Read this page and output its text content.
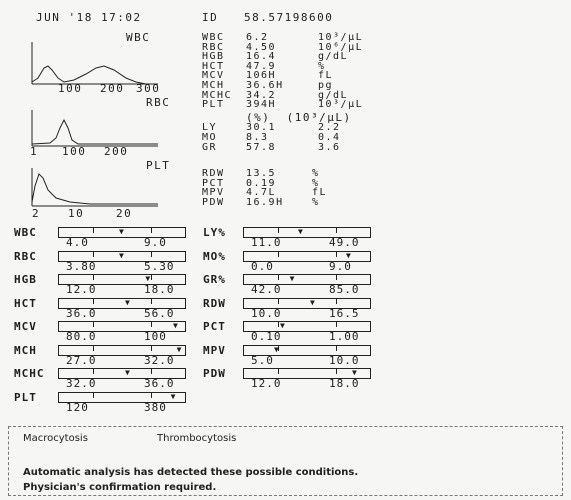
JUN '18 17:02	ID 58.57198600
WBC
100 200 300
RBC
1 100 200
PLT
2	10	20
WBC 6.2	10³/µL
RBC 4.50	10⁶/µL
HGB 16.4	g/dL
HCT 47.9	%
MCV 106H	fL
MCH 36.6H	pg
MCHC 34.2	g/dL
PLT 394H	10³/µL
(%)  (10³/µL)
LY	30.1	2.2
MO	8.3	0.4
GR	57.8	3.6
RDW 13.5	%
PCT 0.19	%
MPV 4.7L	fL
PDW 16.9H	%
WBC	▼
4.0	9.0
RBC	▼
3.80	5.30
HGB	▼
12.0	18.0
HCT	▼
36.0	56.0
MCV	▼
80.0	100
MCH	▼
27.0	32.0
MCHC	▼
32.0	36.0
PLT	▼
120	380
LY%	▼
11.0	49.0
MO%	▼
0.0	9.0
GR%	▼
42.0	85.0
RDW	▼
10.0	16.5
PCT	▼
0.10	1.00
MPV	▼
5.0	10.0
PDW	▼
12.0	18.0
Macrocytosis	Thrombocytosis
Automatic analysis has detected these possible conditions.
Physician's confirmation required.
